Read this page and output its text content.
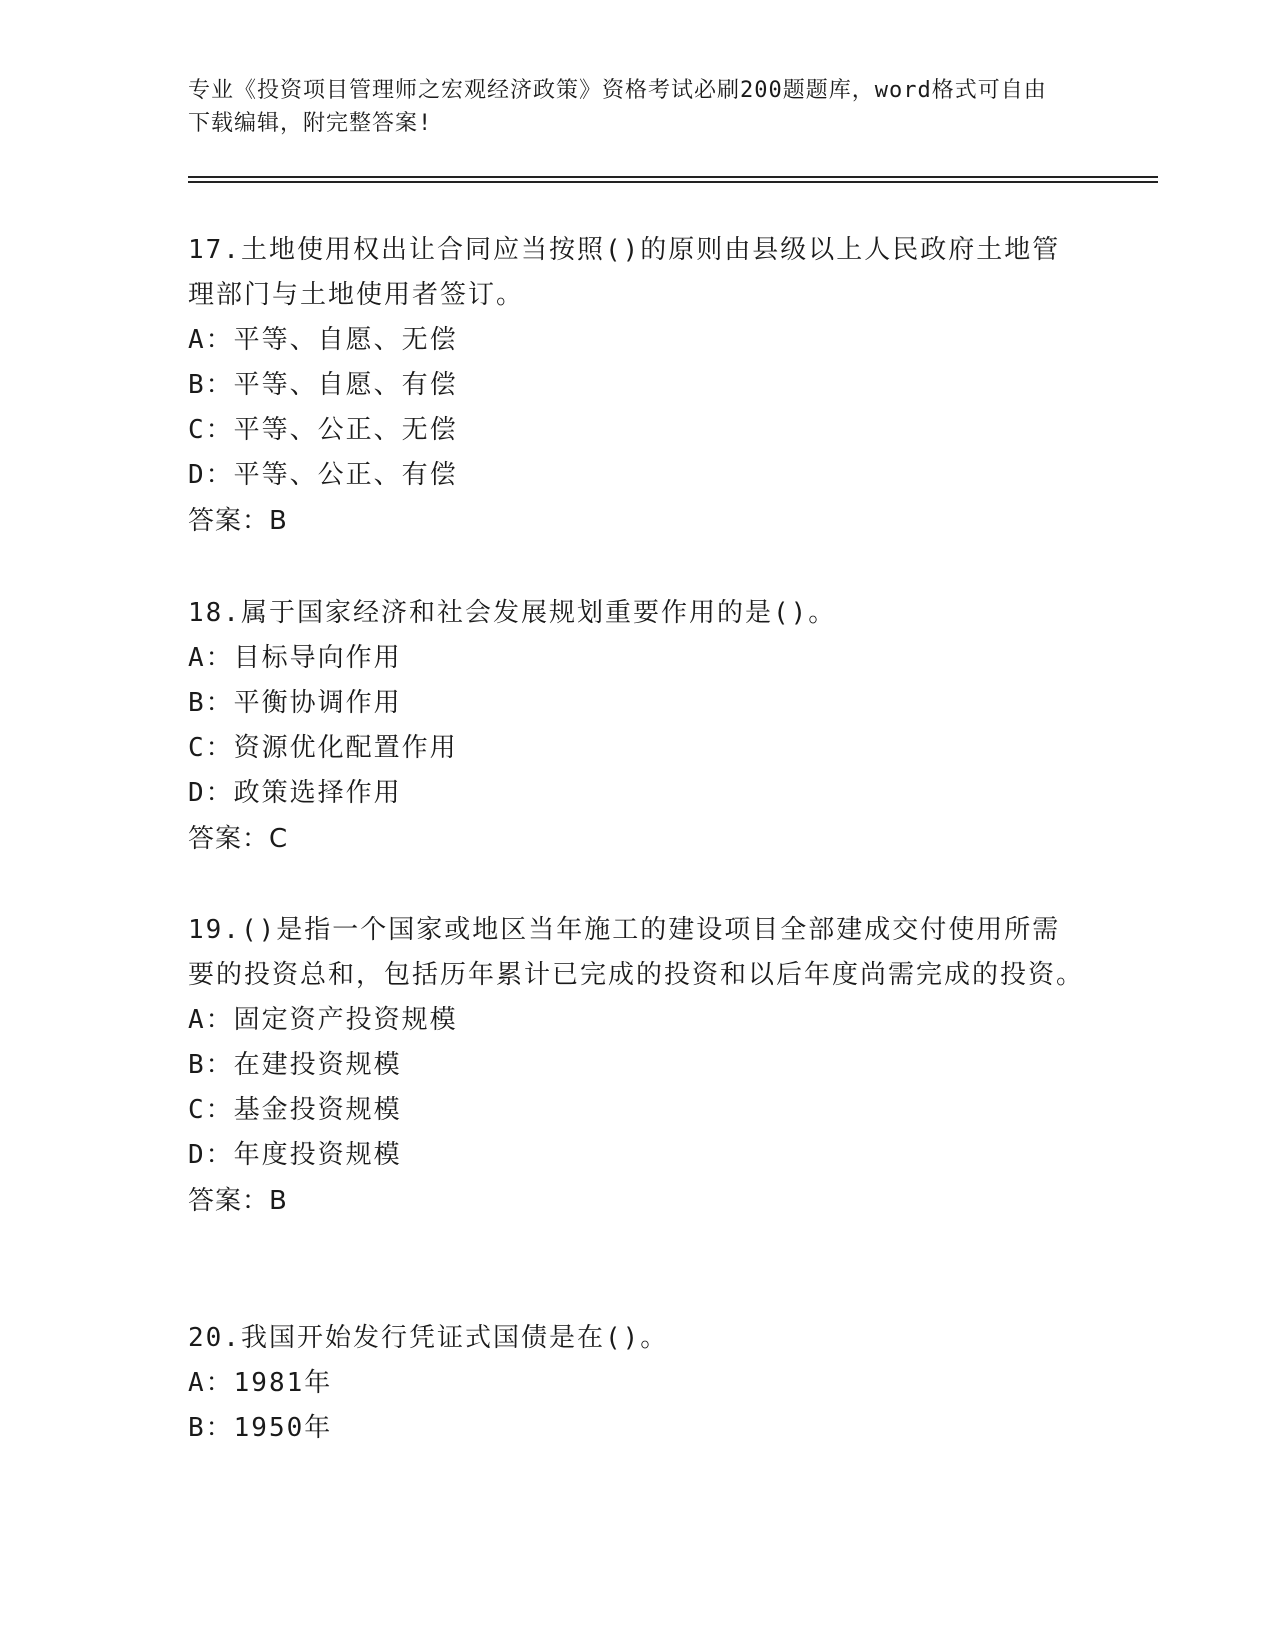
专业《投资项目管理师之宏观经济政策》资格考试必刷200题题库，word格式可自由下载编辑，附完整答案!
17.土地使用权出让合同应当按照()的原则由县级以上人民政府土地管理部门与土地使用者签订。
A：平等、自愿、无偿
B：平等、自愿、有偿
C：平等、公正、无偿
D：平等、公正、有偿
答案：B
18.属于国家经济和社会发展规划重要作用的是()。
A：目标导向作用
B：平衡协调作用
C：资源优化配置作用
D：政策选择作用
答案：C
19.()是指一个国家或地区当年施工的建设项目全部建成交付使用所需要的投资总和，包括历年累计已完成的投资和以后年度尚需完成的投资。
A：固定资产投资规模
B：在建投资规模
C：基金投资规模
D：年度投资规模
答案：B
20.我国开始发行凭证式国债是在()。
A：1981年
B：1950年
